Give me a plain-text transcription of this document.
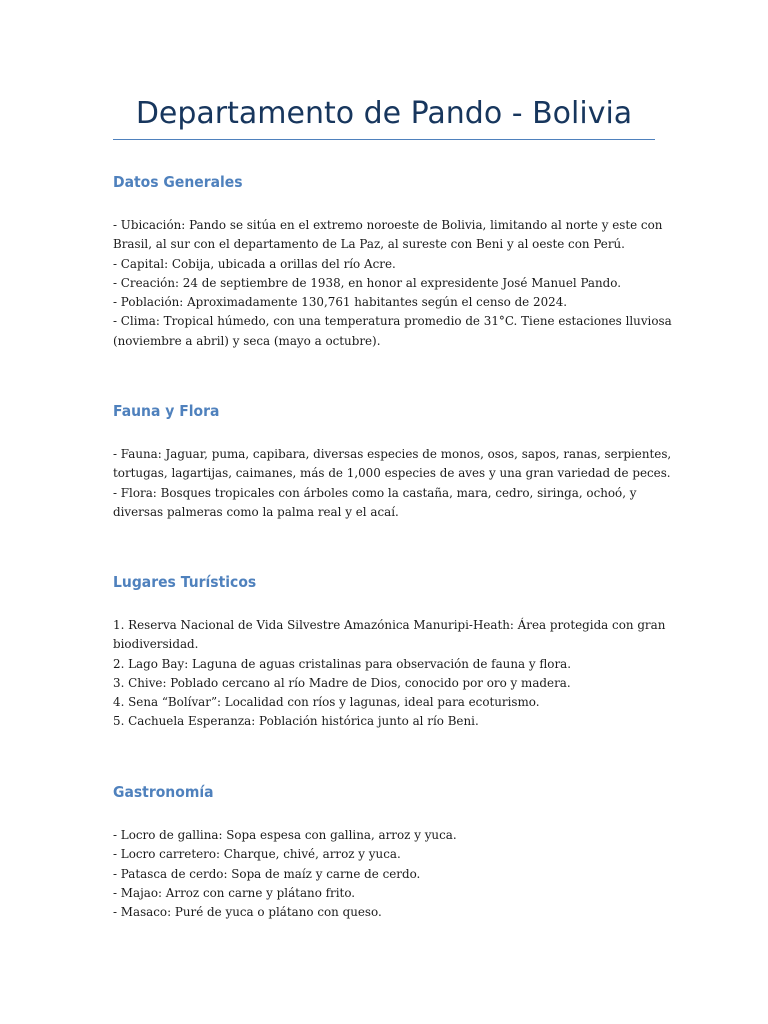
Departamento de Pando - Bolivia
Datos Generales
- Ubicación: Pando se sitúa en el extremo noroeste de Bolivia, limitando al norte y este con
Brasil, al sur con el departamento de La Paz, al sureste con Beni y al oeste con Perú.
- Capital: Cobija, ubicada a orillas del río Acre.
- Creación: 24 de septiembre de 1938, en honor al expresidente José Manuel Pando.
- Población: Aproximadamente 130,761 habitantes según el censo de 2024.
- Clima: Tropical húmedo, con una temperatura promedio de 31°C. Tiene estaciones lluviosa
(noviembre a abril) y seca (mayo a octubre).
Fauna y Flora
- Fauna: Jaguar, puma, capibara, diversas especies de monos, osos, sapos, ranas, serpientes,
tortugas, lagartijas, caimanes, más de 1,000 especies de aves y una gran variedad de peces.
- Flora: Bosques tropicales con árboles como la castaña, mara, cedro, siringa, ochoó, y
diversas palmeras como la palma real y el acaí.
Lugares Turísticos
1. Reserva Nacional de Vida Silvestre Amazónica Manuripi-Heath: Área protegida con gran
biodiversidad.
2. Lago Bay: Laguna de aguas cristalinas para observación de fauna y flora.
3. Chive: Poblado cercano al río Madre de Dios, conocido por oro y madera.
4. Sena “Bolívar”: Localidad con ríos y lagunas, ideal para ecoturismo.
5. Cachuela Esperanza: Población histórica junto al río Beni.
Gastronomía
- Locro de gallina: Sopa espesa con gallina, arroz y yuca.
- Locro carretero: Charque, chivé, arroz y yuca.
- Patasca de cerdo: Sopa de maíz y carne de cerdo.
- Majao: Arroz con carne y plátano frito.
- Masaco: Puré de yuca o plátano con queso.
